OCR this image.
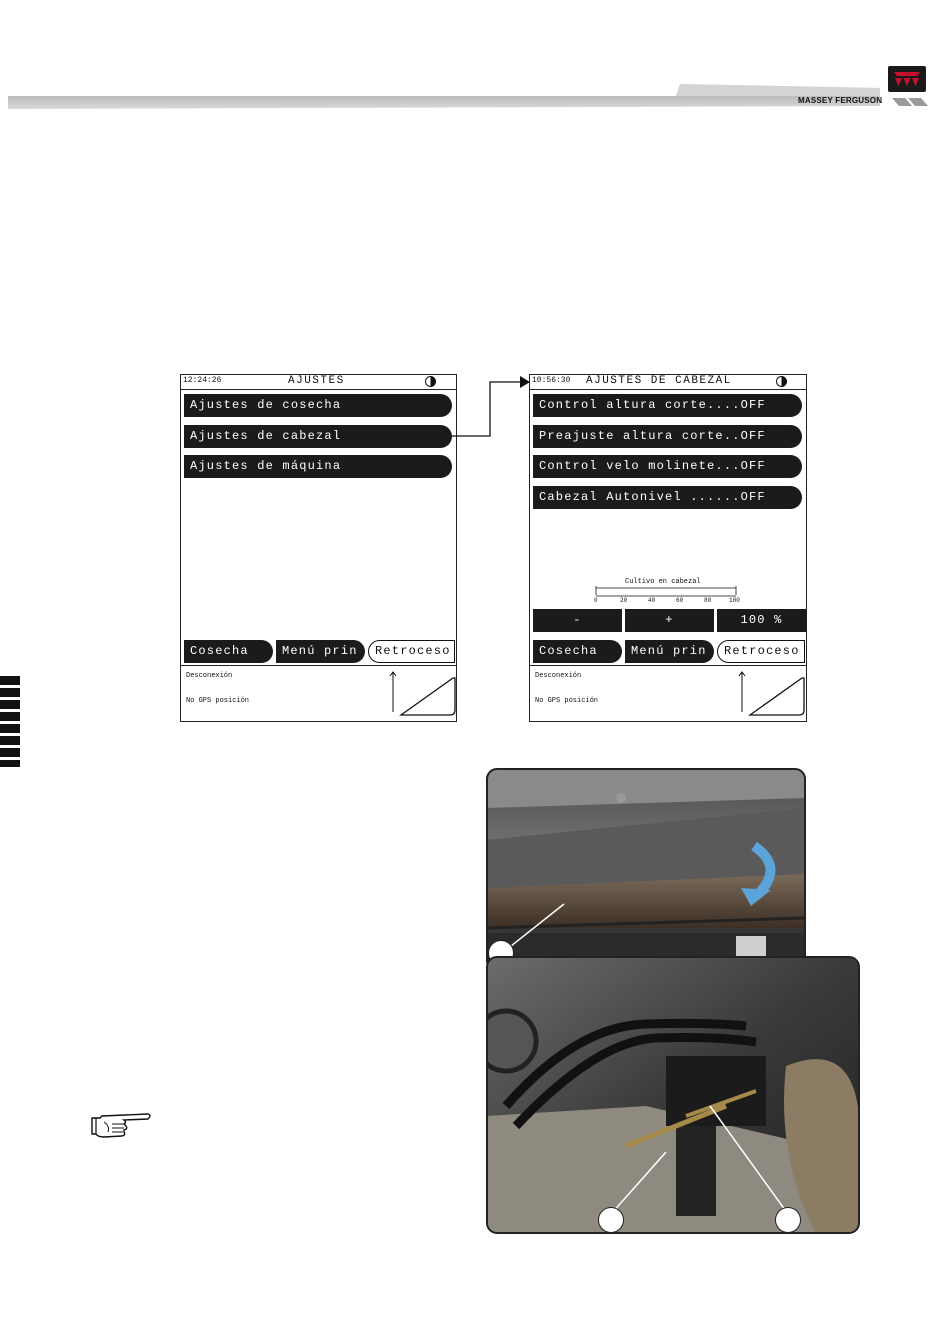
MASSEY FERGUSON
12:24:26	AJUSTES
Ajustes de cosecha
Ajustes de cabezal
Ajustes de máquina
Cosecha	Menú prin	Retroceso
Desconexión
No GPS posición
10:56:30 AJUSTES DE CABEZAL
Control altura corte....OFF
Preajuste altura corte..OFF
Control velo molinete...OFF
Cabezal Autonivel ......OFF
Cultivo en cabezal
0	20	40	60	80	100
-	+	100 %
Cosecha	Menú prin	Retroceso
Desconexión
No GPS posición
